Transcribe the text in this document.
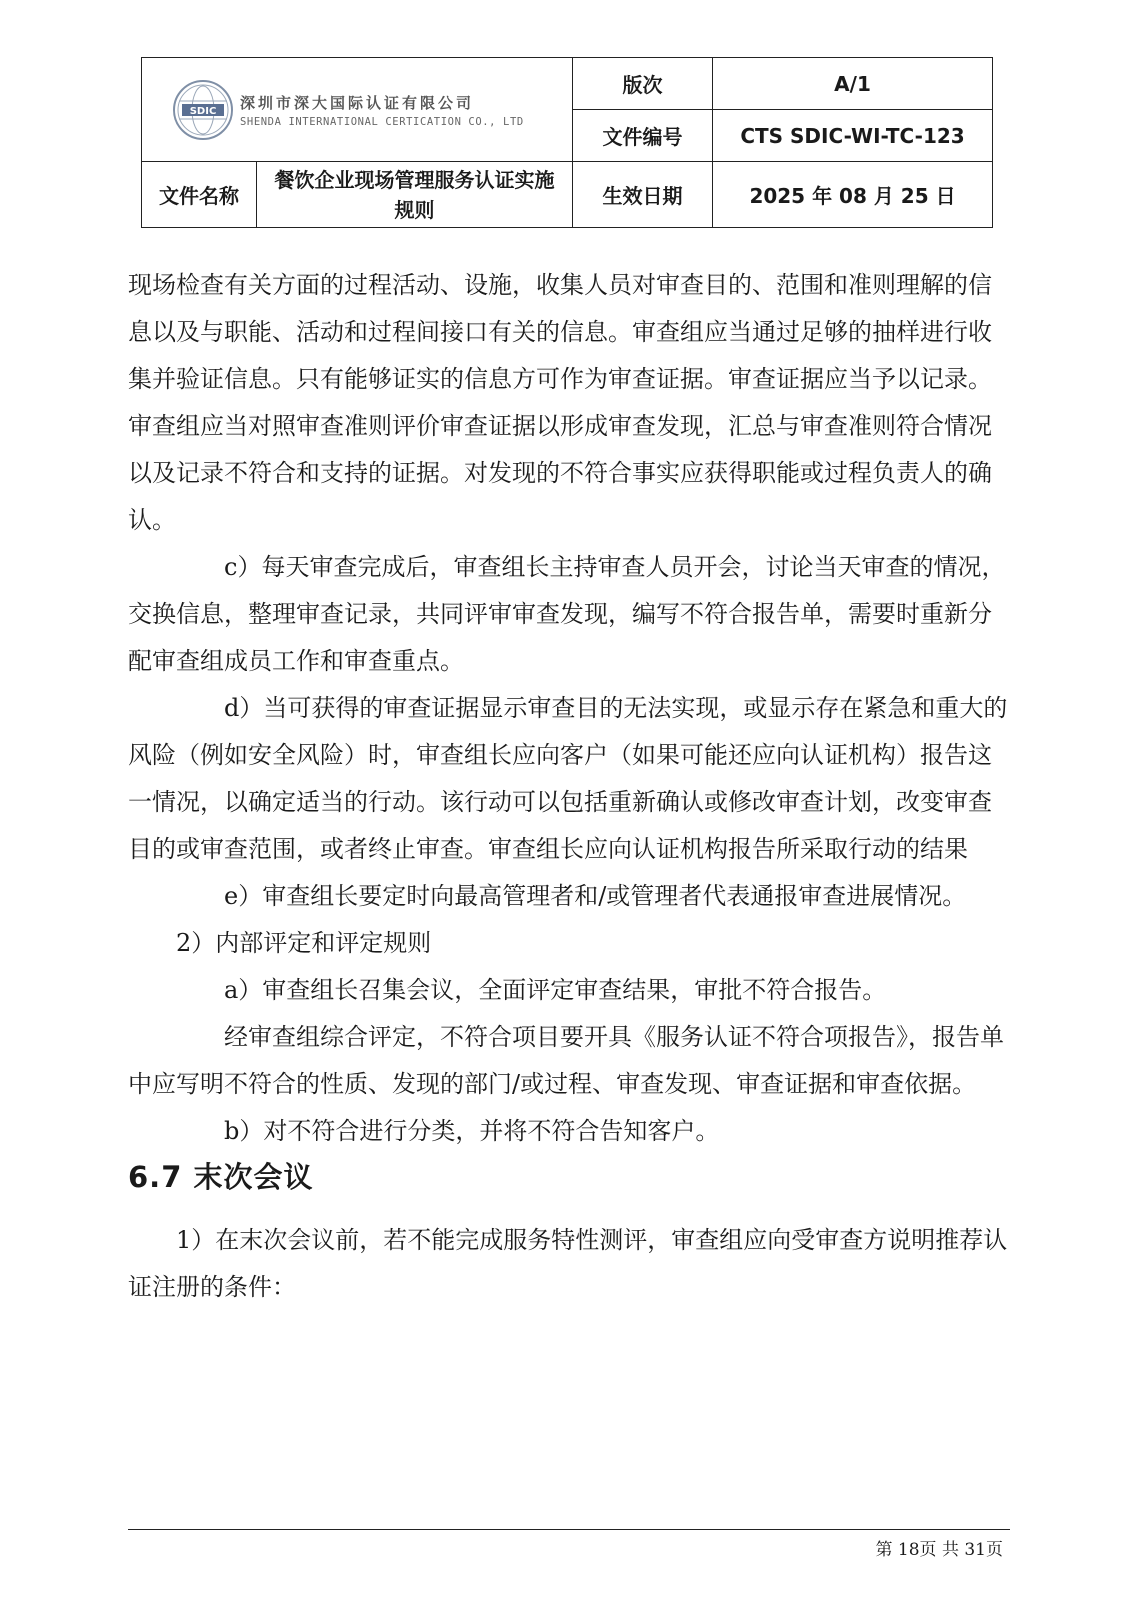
SDIC 深圳市深大国际认证有限公司
SHENDA INTERNATIONAL CERTICATION CO., LTD		版次	A/1
		文件编号	CTS SDIC-WI-TC-123
文件名称	餐饮企业现场管理服务认证实施规则	生效日期	2025 年 08 月 25 日

现场检查有关方面的过程活动、设施，收集人员对审查目的、范围和准则理解的信息以及与职能、活动和过程间接口有关的信息。审查组应当通过足够的抽样进行收集并验证信息。只有能够证实的信息方可作为审查证据。审查证据应当予以记录。审查组应当对照审查准则评价审查证据以形成审查发现，汇总与审查准则符合情况以及记录不符合和支持的证据。对发现的不符合事实应获得职能或过程负责人的确认。

c）每天审查完成后，审查组长主持审查人员开会，讨论当天审查的情况，交换信息，整理审查记录，共同评审审查发现，编写不符合报告单，需要时重新分配审查组成员工作和审查重点。

d）当可获得的审查证据显示审查目的无法实现，或显示存在紧急和重大的风险（例如安全风险）时，审查组长应向客户（如果可能还应向认证机构）报告这一情况，以确定适当的行动。该行动可以包括重新确认或修改审查计划，改变审查目的或审查范围，或者终止审查。审查组长应向认证机构报告所采取行动的结果

e）审查组长要定时向最高管理者和/或管理者代表通报审查进展情况。

2）内部评定和评定规则

a）审查组长召集会议，全面评定审查结果，审批不符合报告。

经审查组综合评定，不符合项目要开具《服务认证不符合项报告》，报告单中应写明不符合的性质、发现的部门/或过程、审查发现、审查证据和审查依据。

b）对不符合进行分类，并将不符合告知客户。

6.7 末次会议

1）在末次会议前，若不能完成服务特性测评，审查组应向受审查方说明推荐认证注册的条件：

第 18页 共 31页
